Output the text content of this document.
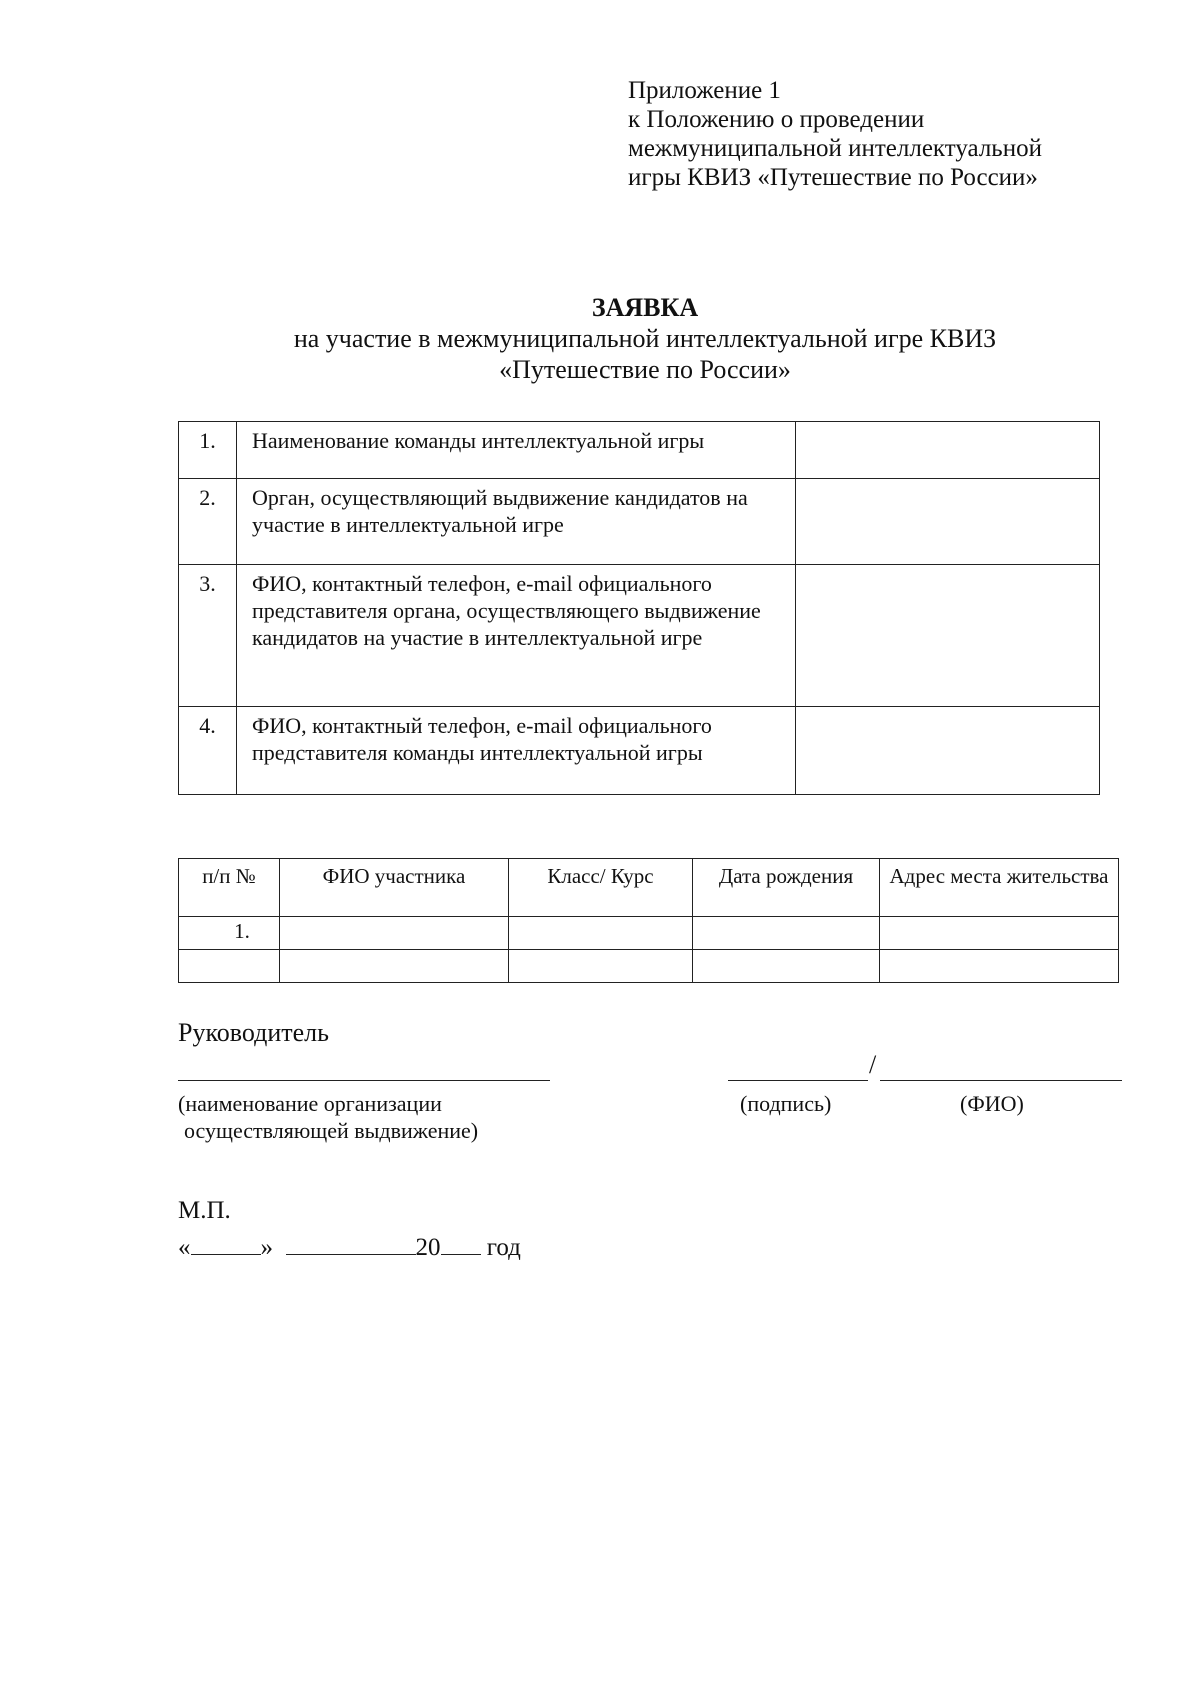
Приложение 1
к Положению о проведении
межмуниципальной интеллектуальной
игры КВИЗ «Путешествие по России»
ЗАЯВКА
на участие в межмуниципальной интеллектуальной игре КВИЗ
«Путешествие по России»
1.	Наименование команды интеллектуальной игры	
2.	Орган, осуществляющий выдвижение кандидатов на участие в интеллектуальной игре	
3.	ФИО, контактный телефон, e-mail официального представителя органа, осуществляющего выдвижение кандидатов на участие в интеллектуальной игре	
4.	ФИО, контактный телефон, e-mail официального представителя команды интеллектуальной игры	
п/п №	ФИО участника	Класс/ Курс	Дата рождения	Адрес места жительства
1.				

Руководитель
/
(наименование организации
осуществляющей выдвижение)
(подпись)	(ФИО)
М.П.
«	»	20 год
